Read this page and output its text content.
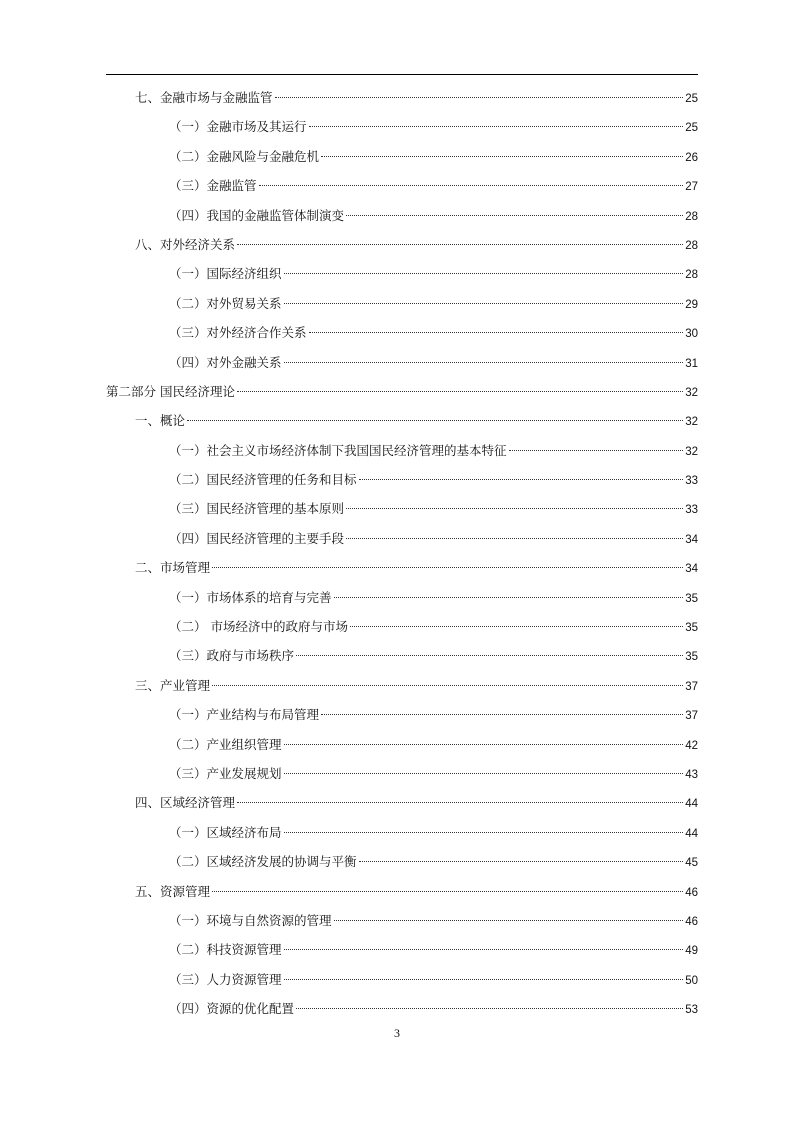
七、金融市场与金融监管	25
（一）金融市场及其运行	25
（二）金融风险与金融危机	26
（三）金融监管	27
（四）我国的金融监管体制演变	28
八、对外经济关系	28
（一）国际经济组织	28
（二）对外贸易关系	29
（三）对外经济合作关系	30
（四）对外金融关系	31
第二部分 国民经济理论	32
一、概论	32
（一）社会主义市场经济体制下我国国民经济管理的基本特征	32
（二）国民经济管理的任务和目标	33
（三）国民经济管理的基本原则	33
（四）国民经济管理的主要手段	34
二、市场管理	34
（一）市场体系的培育与完善	35
（二） 市场经济中的政府与市场	35
（三）政府与市场秩序	35
三、产业管理	37
（一）产业结构与布局管理	37
（二）产业组织管理	42
（三）产业发展规划	43
四、区域经济管理	44
（一）区域经济布局	44
（二）区域经济发展的协调与平衡	45
五、资源管理	46
（一）环境与自然资源的管理	46
（二）科技资源管理	49
（三）人力资源管理	50
（四）资源的优化配置	53
3
